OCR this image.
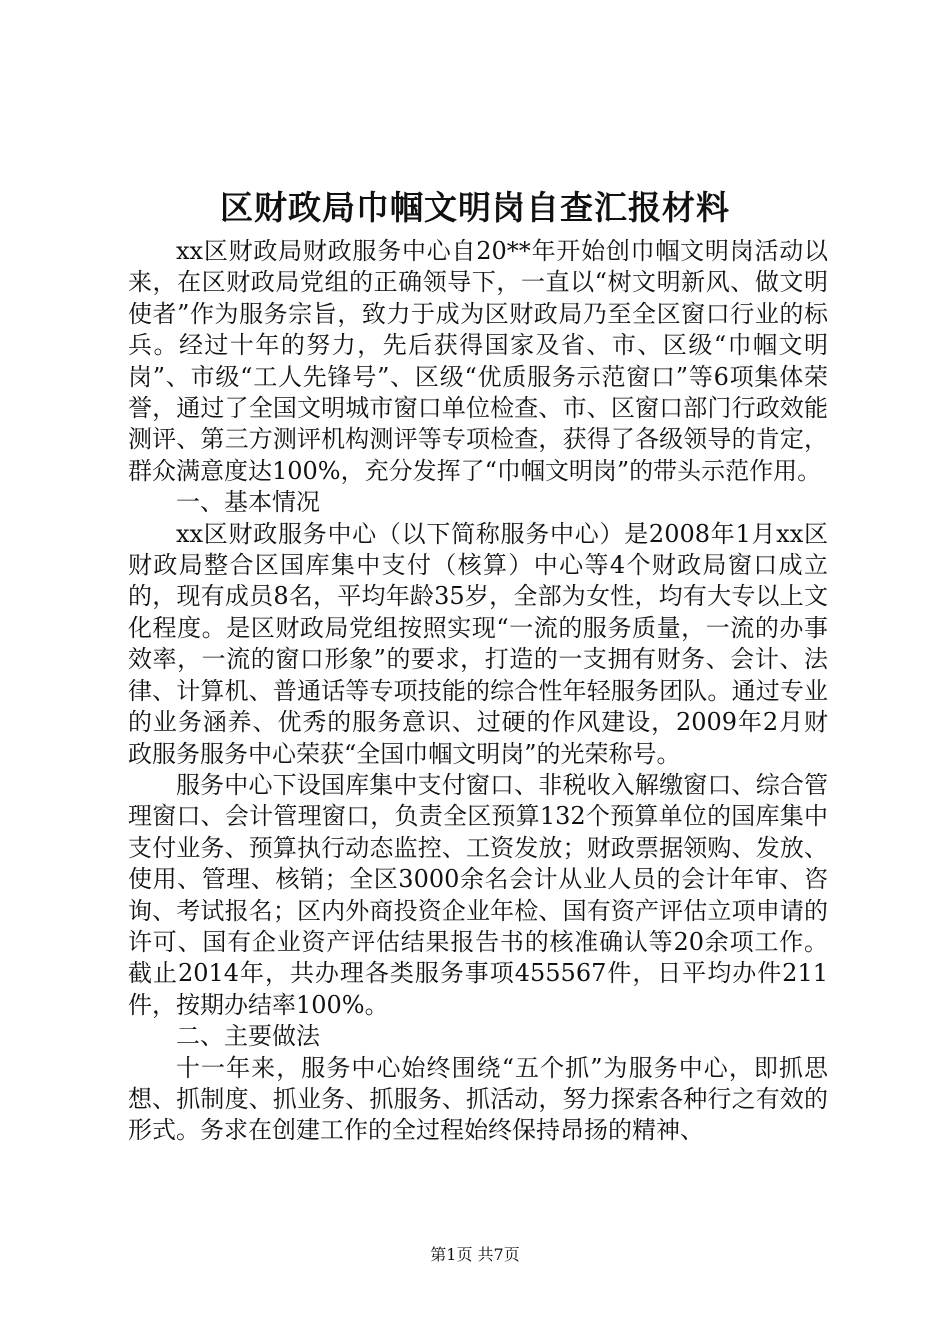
区财政局巾帼文明岗自查汇报材料

xx区财政局财政服务中心自20**年开始创巾帼文明岗活动以来，在区财政局党组的正确领导下，一直以“树文明新风、做文明使者”作为服务宗旨，致力于成为区财政局乃至全区窗口行业的标兵。经过十年的努力，先后获得国家及省、市、区级“巾帼文明岗”、市级“工人先锋号”、区级“优质服务示范窗口”等6项集体荣誉，通过了全国文明城市窗口单位检查、市、区窗口部门行政效能测评、第三方测评机构测评等专项检查，获得了各级领导的肯定，群众满意度达100%，充分发挥了“巾帼文明岗”的带头示范作用。

一、基本情况

xx区财政服务中心（以下简称服务中心）是2008年1月xx区财政局整合区国库集中支付（核算）中心等4个财政局窗口成立的，现有成员8名，平均年龄35岁，全部为女性，均有大专以上文化程度。是区财政局党组按照实现“一流的服务质量，一流的办事效率，一流的窗口形象”的要求，打造的一支拥有财务、会计、法律、计算机、普通话等专项技能的综合性年轻服务团队。通过专业的业务涵养、优秀的服务意识、过硬的作风建设，2009年2月财政服务服务中心荣获“全国巾帼文明岗”的光荣称号。

服务中心下设国库集中支付窗口、非税收入解缴窗口、综合管理窗口、会计管理窗口，负责全区预算132个预算单位的国库集中支付业务、预算执行动态监控、工资发放；财政票据领购、发放、使用、管理、核销；全区3000余名会计从业人员的会计年审、咨询、考试报名；区内外商投资企业年检、国有资产评估立项申请的许可、国有企业资产评估结果报告书的核准确认等20余项工作。截止2014年，共办理各类服务事项455567件，日平均办件211件，按期办结率100%。

二、主要做法

十一年来，服务中心始终围绕“五个抓”为服务中心，即抓思想、抓制度、抓业务、抓服务、抓活动，努力探索各种行之有效的形式。务求在创建工作的全过程始终保持昂扬的精神、

第1页 共7页
